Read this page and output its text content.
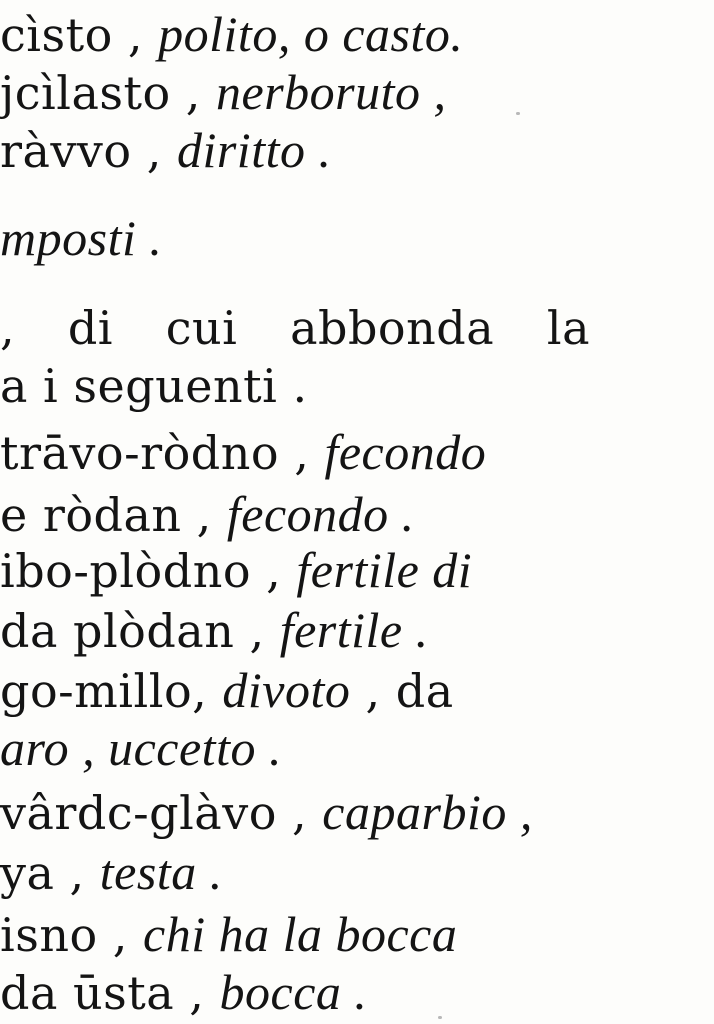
cìsto , polito, o casto.
jcìlasto , nerboruto ,
ràvvo , diritto .
mposti .
, di cui abbonda la
a i seguenti .
trāvo-ròdno , fecondo
e ròdan , fecondo .
ibo-plòdno , fertile di
da plòdan , fertile .
go-millo, divoto , da
aro , uccetto .
vârdc-glàvo , caparbio ,
ya , testa .
isno , chi ha la bocca
da ūsta , bocca .
